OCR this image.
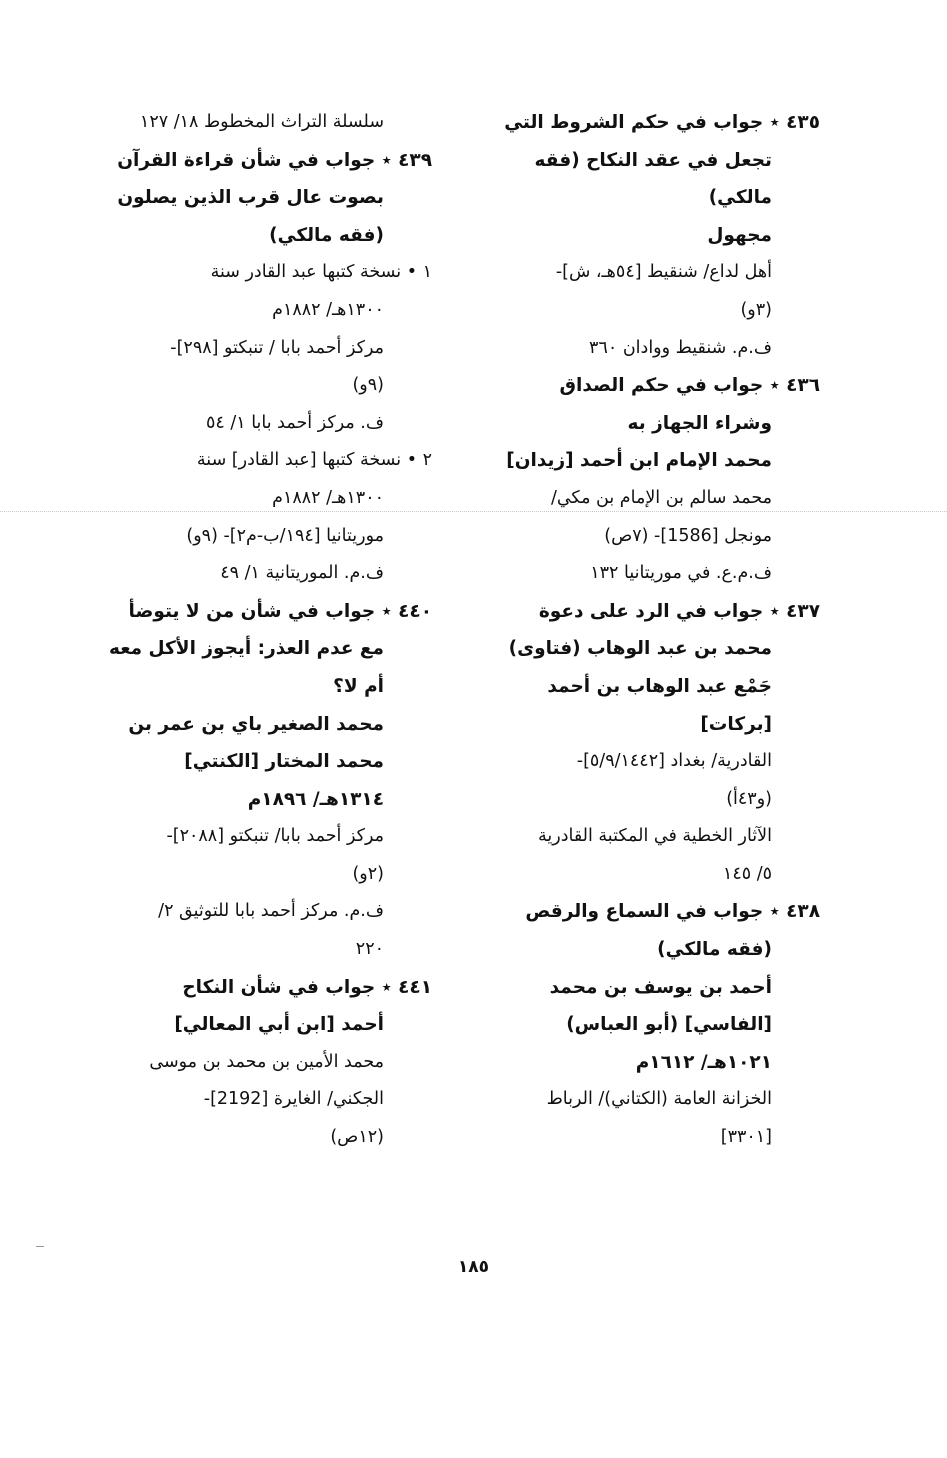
٤٣٥ ٭ جواب في حكم الشروط التي
تجعل في عقد النكاح (فقه
مالكي)
مجهول
أهل لداع/ شنقيط [٥٤هـ، ش]-
(٣و)
ف.م. شنقيط ووادان ٣٦٠
٤٣٦ ٭ جواب في حكم الصداق
وشراء الجهاز به
محمد الإمام ابن أحمد [زيدان]
محمد سالم بن الإمام بن مكي/
مونجل [1586]- (٧ص)
ف.م.ع. في موريتانيا ١٣٢
٤٣٧ ٭ جواب في الرد على دعوة
محمد بن عبد الوهاب (فتاوى)
جَمْع عبد الوهاب بن أحمد
[بركات]
القادرية/ بغداد [٥/٩/١٤٤٢]-
(و٤٣أ)
الآثار الخطية في المكتبة القادرية
٥/ ١٤٥
٤٣٨ ٭ جواب في السماع والرقص
(فقه مالكي)
أحمد بن يوسف بن محمد
[الفاسي] (أبو العباس)
١٠٢١هـ/ ١٦١٢م
الخزانة العامة (الكتاني)/ الرباط
[٣٣٠١]
سلسلة التراث المخطوط ١٨/ ١٢٧
٤٣٩ ٭ جواب في شأن قراءة القرآن
بصوت عال قرب الذين يصلون
(فقه مالكي)
١ • نسخة كتبها عبد القادر سنة
١٣٠٠هـ/ ١٨٨٢م
مركز أحمد بابا / تنبكتو [٢٩٨]-
(٩و)
ف. مركز أحمد بابا ١/ ٥٤
٢ • نسخة كتبها [عبد القادر] سنة
١٣٠٠هـ/ ١٨٨٢م
موريتانيا [١٩٤/ب-م٢]- (٩و)
ف.م. الموريتانية ١/ ٤٩
٤٤٠ ٭ جواب في شأن من لا يتوضأ
مع عدم العذر: أيجوز الأكل معه
أم لا؟
محمد الصغير باي بن عمر بن
محمد المختار [الكنتي]
١٣١٤هـ/ ١٨٩٦م
مركز أحمد بابا/ تنبكتو [٢٠٨٨]-
(٢و)
ف.م. مركز أحمد بابا للتوثيق ٢/
٢٢٠
٤٤١ ٭ جواب في شأن النكاح
أحمد [ابن أبي المعالي]
محمد الأمين بن محمد بن موسى
الجكني/ الغايرة [2192]-
(١٢ص)
١٨٥
